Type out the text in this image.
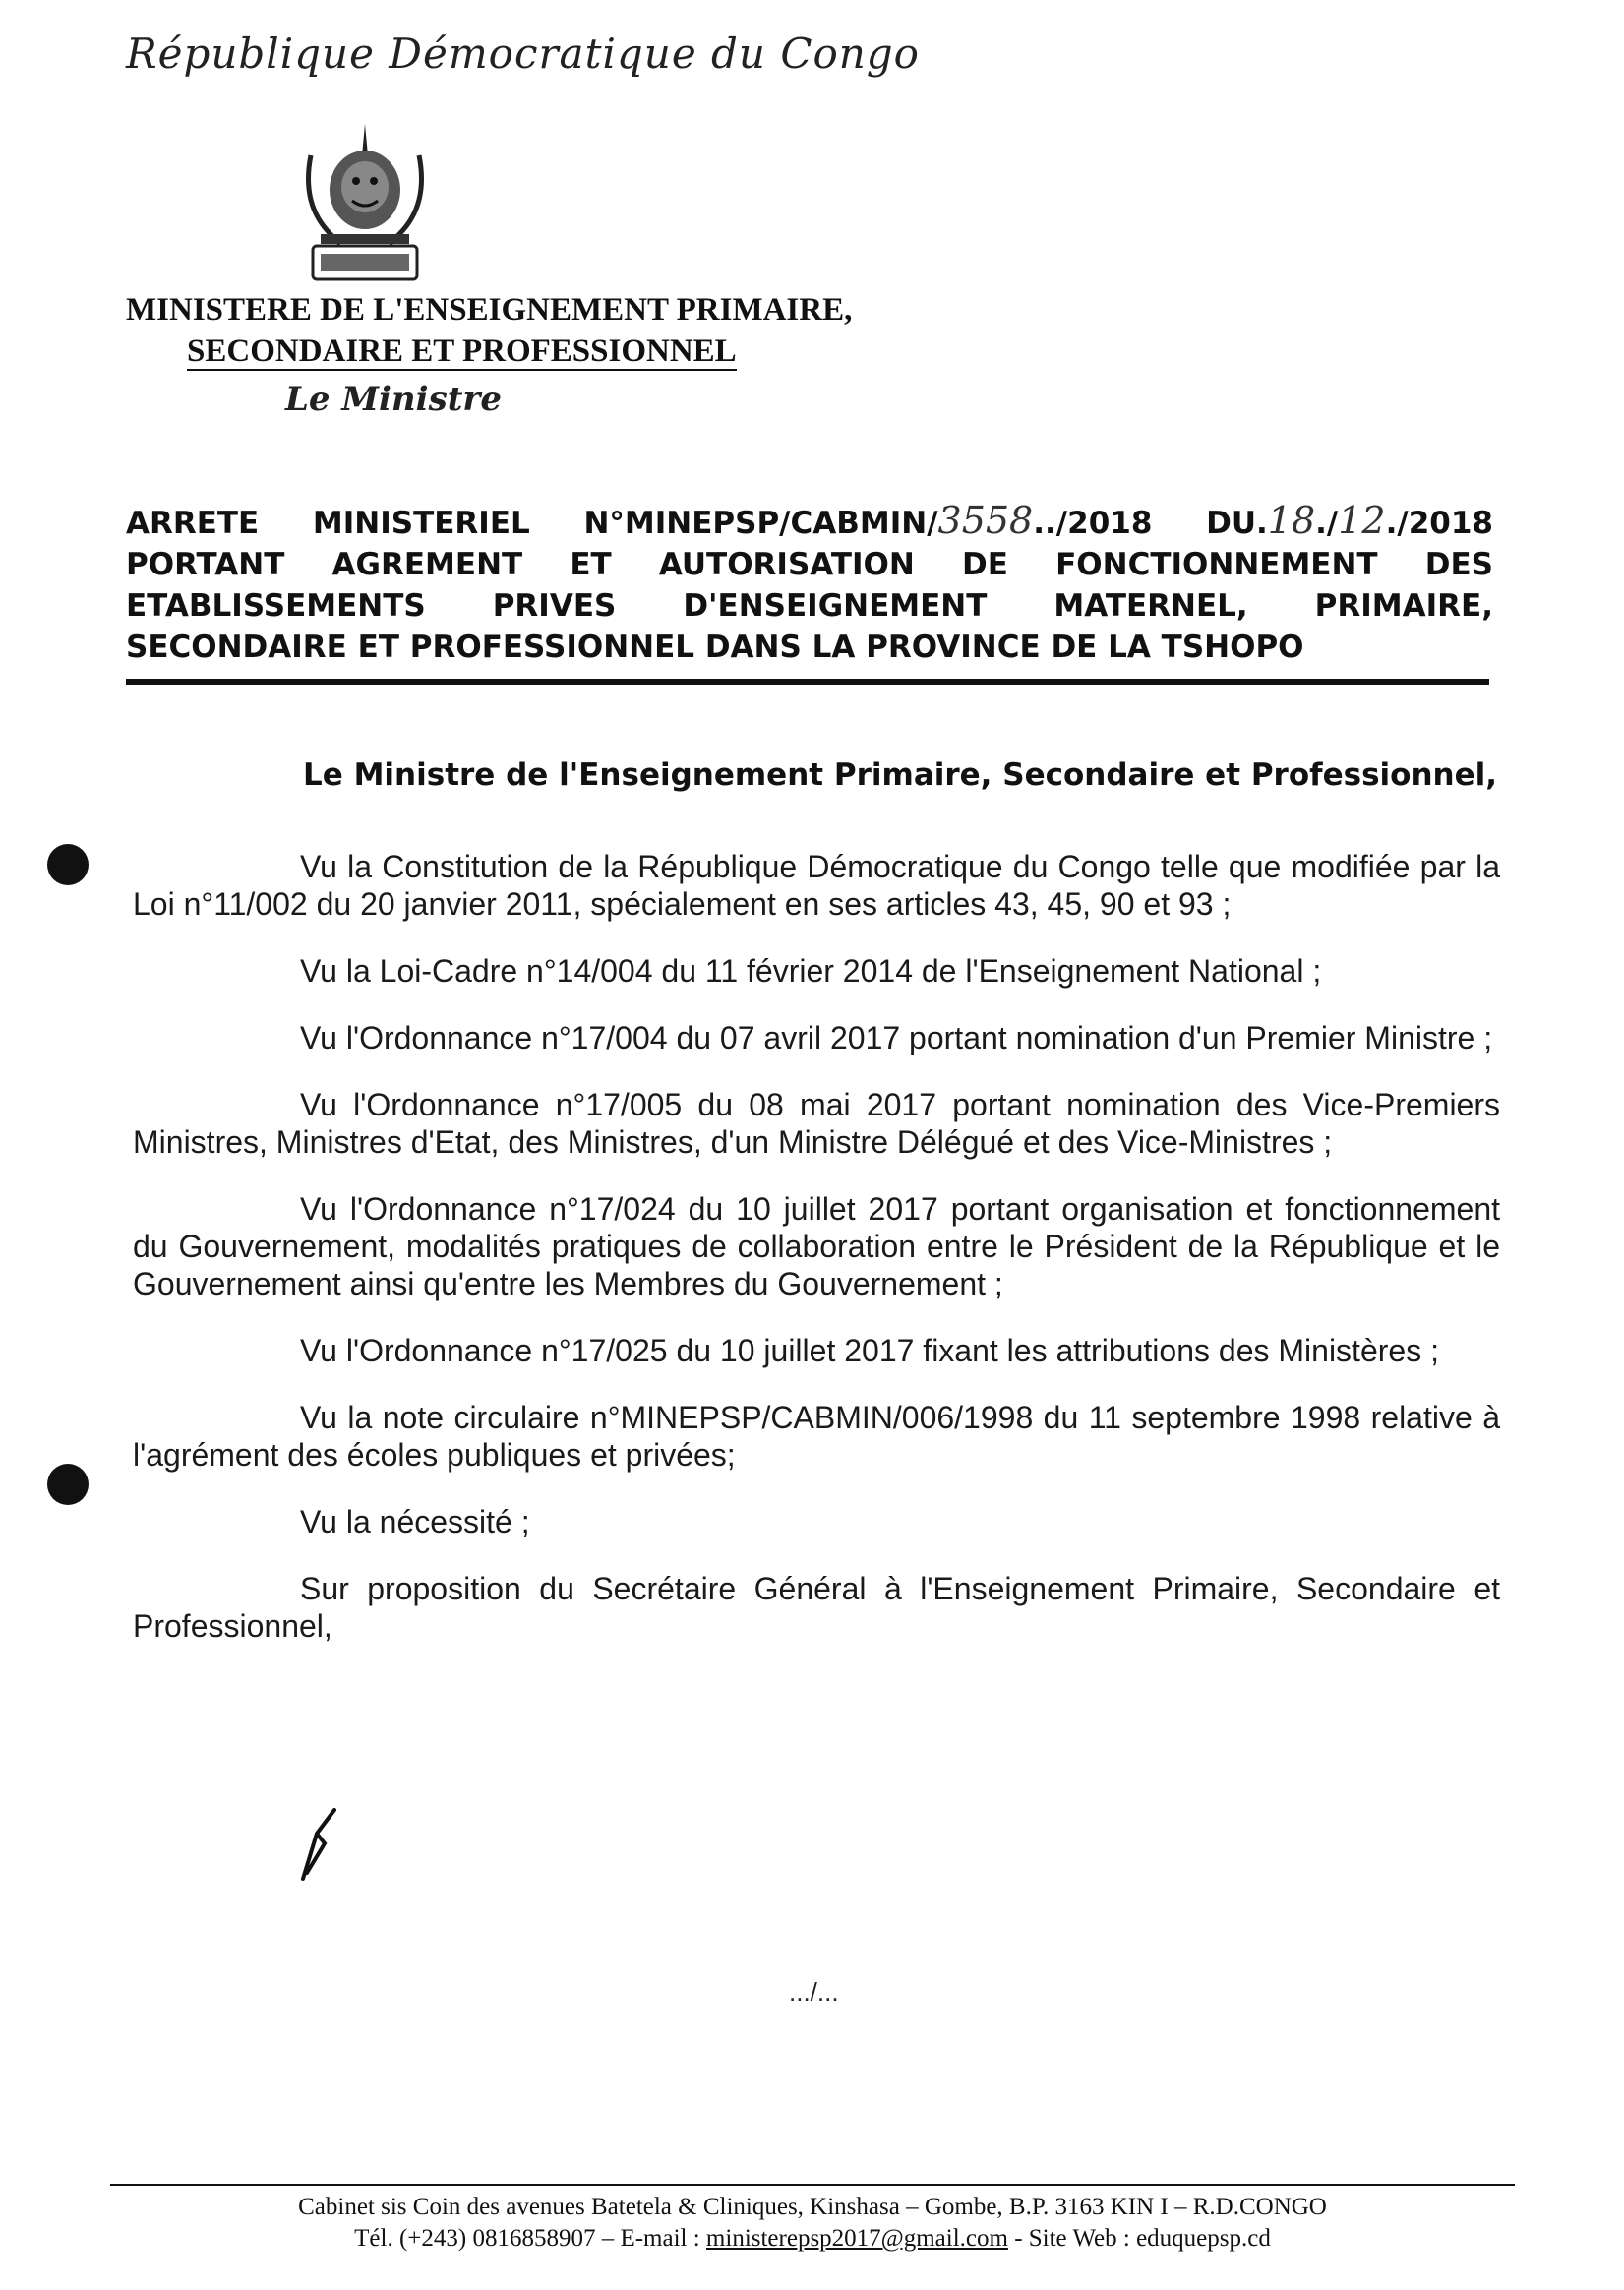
République Démocratique du Congo
MINISTERE DE L'ENSEIGNEMENT PRIMAIRE,
SECONDAIRE ET PROFESSIONNEL
Le Ministre
ARRETE MINISTERIEL N°MINEPSP/CABMIN/3558../2018 DU.18./12./2018
PORTANT AGREMENT ET AUTORISATION DE FONCTIONNEMENT DES
ETABLISSEMENTS PRIVES D'ENSEIGNEMENT MATERNEL, PRIMAIRE,
SECONDAIRE ET PROFESSIONNEL DANS LA PROVINCE DE LA TSHOPO
Le Ministre de l'Enseignement Primaire, Secondaire et Professionnel,

Vu la Constitution de la République Démocratique du Congo telle que modifiée par la Loi n°11/002 du 20 janvier 2011, spécialement en ses articles 43, 45, 90 et 93 ;

Vu la Loi-Cadre n°14/004 du 11 février 2014 de l'Enseignement National ;

Vu l'Ordonnance n°17/004 du 07 avril 2017 portant nomination d'un Premier Ministre ;

Vu l'Ordonnance n°17/005 du 08 mai 2017 portant nomination des Vice-Premiers Ministres, Ministres d'Etat, des Ministres, d'un Ministre Délégué et des Vice-Ministres ;

Vu l'Ordonnance n°17/024 du 10 juillet 2017 portant organisation et fonctionnement du Gouvernement, modalités pratiques de collaboration entre le Président de la République et le Gouvernement ainsi qu'entre les Membres du Gouvernement ;

Vu l'Ordonnance n°17/025 du 10 juillet 2017 fixant les attributions des Ministères ;

Vu la note circulaire n°MINEPSP/CABMIN/006/1998 du 11 septembre 1998 relative à l'agrément des écoles publiques et privées;

Vu la nécessité ;

Sur proposition du Secrétaire Général à l'Enseignement Primaire, Secondaire et Professionnel,

.../...
Cabinet sis Coin des avenues Batetela & Cliniques, Kinshasa – Gombe, B.P. 3163 KIN I – R.D.CONGO
Tél. (+243) 0816858907 – E-mail : ministerepsp2017@gmail.com - Site Web : eduquepsp.cd
